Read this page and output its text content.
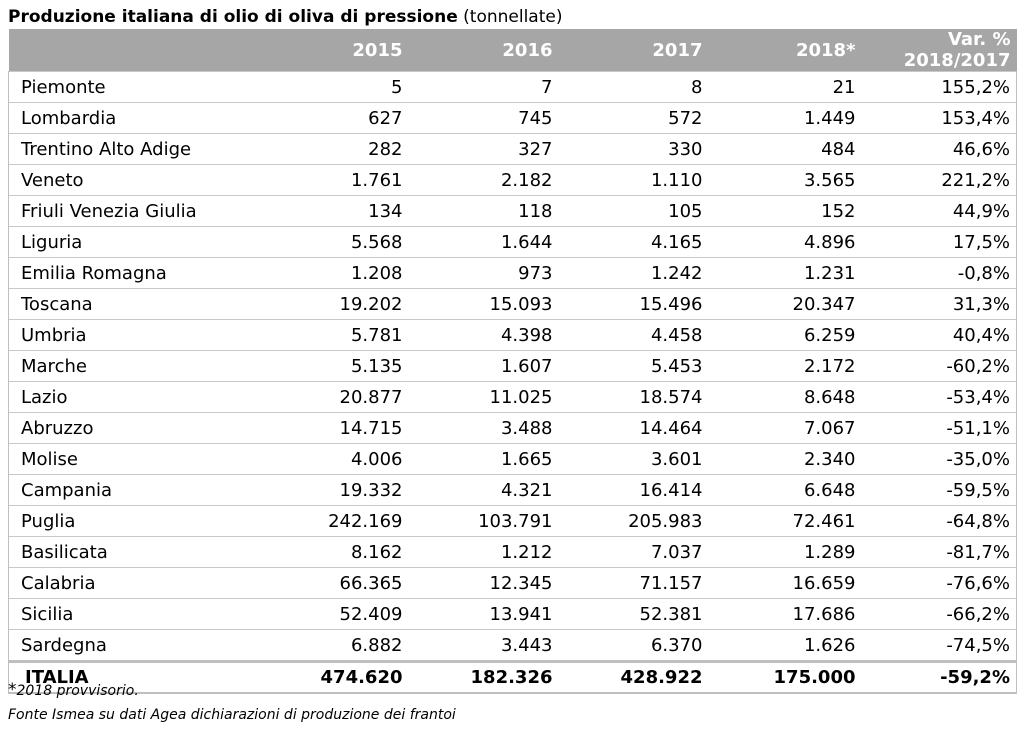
Produzione italiana di olio di oliva di pressione (tonnellate)
	2015	2016	2017	2018*	Var. % 2018/2017
Piemonte	5	7	8	21	155,2%
Lombardia	627	745	572	1.449	153,4%
Trentino Alto Adige	282	327	330	484	46,6%
Veneto	1.761	2.182	1.110	3.565	221,2%
Friuli Venezia Giulia	134	118	105	152	44,9%
Liguria	5.568	1.644	4.165	4.896	17,5%
Emilia Romagna	1.208	973	1.242	1.231	-0,8%
Toscana	19.202	15.093	15.496	20.347	31,3%
Umbria	5.781	4.398	4.458	6.259	40,4%
Marche	5.135	1.607	5.453	2.172	-60,2%
Lazio	20.877	11.025	18.574	8.648	-53,4%
Abruzzo	14.715	3.488	14.464	7.067	-51,1%
Molise	4.006	1.665	3.601	2.340	-35,0%
Campania	19.332	4.321	16.414	6.648	-59,5%
Puglia	242.169	103.791	205.983	72.461	-64,8%
Basilicata	8.162	1.212	7.037	1.289	-81,7%
Calabria	66.365	12.345	71.157	16.659	-76,6%
Sicilia	52.409	13.941	52.381	17.686	-66,2%
Sardegna	6.882	3.443	6.370	1.626	-74,5%
ITALIA	474.620	182.326	428.922	175.000	-59,2%
*2018 provvisorio.
Fonte Ismea su dati Agea dichiarazioni di produzione dei frantoi
